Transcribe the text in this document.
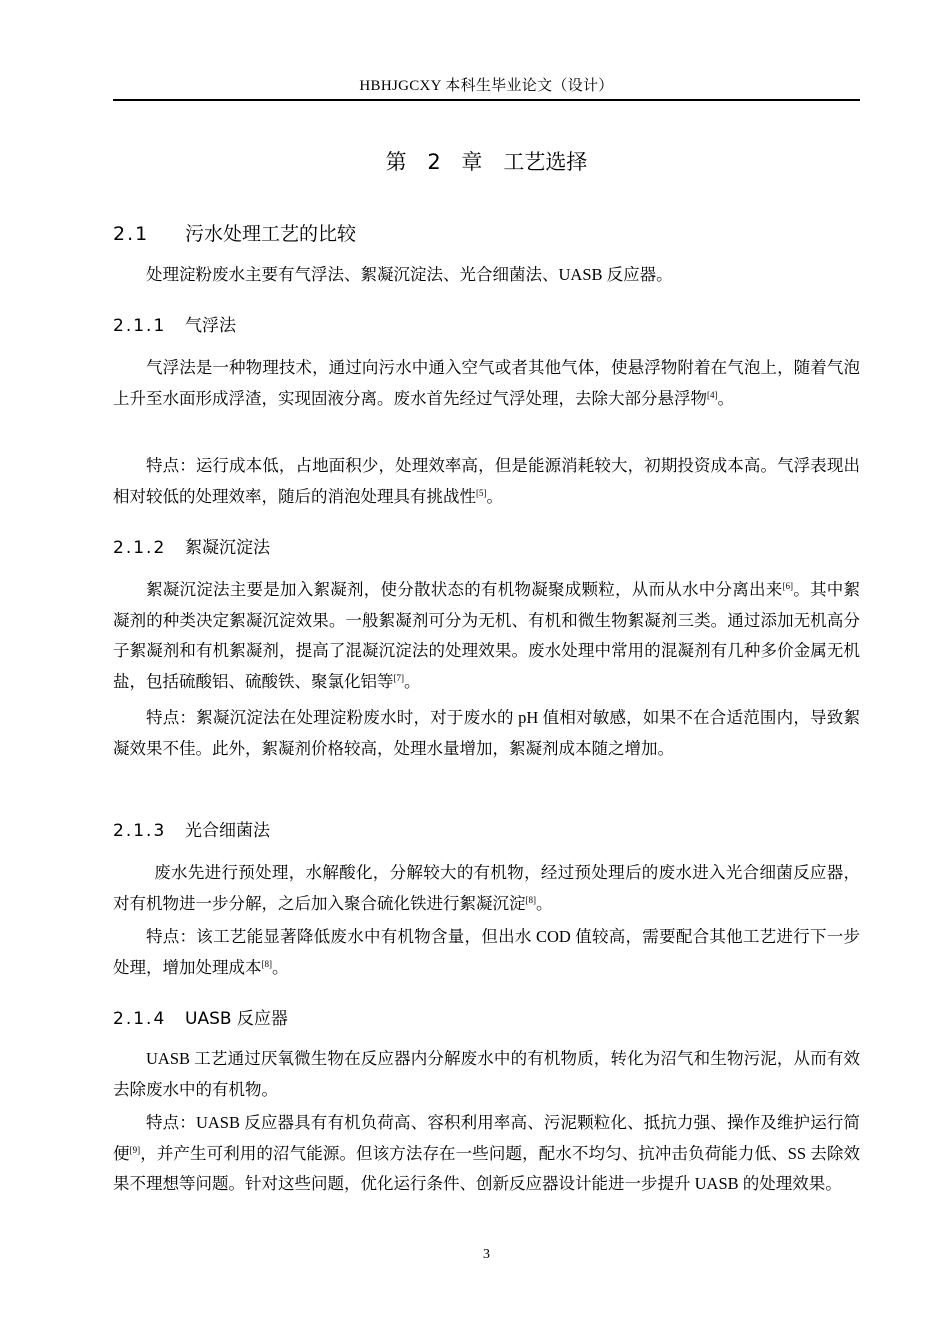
HBHJGCXY 本科生毕业论文（设计）
第 2 章　工艺选择
2.1 污水处理工艺的比较

处理淀粉废水主要有气浮法、絮凝沉淀法、光合细菌法、UASB 反应器。

2.1.1 气浮法

气浮法是一种物理技术，通过向污水中通入空气或者其他气体，使悬浮物附着在气泡上，随着气泡上升至水面形成浮渣，实现固液分离。废水首先经过气浮处理，去除大部分悬浮物[4]。

特点：运行成本低，占地面积少，处理效率高，但是能源消耗较大，初期投资成本高。气浮表现出相对较低的处理效率，随后的消泡处理具有挑战性[5]。

2.1.2 絮凝沉淀法

絮凝沉淀法主要是加入絮凝剂，使分散状态的有机物凝聚成颗粒，从而从水中分离出来[6]。其中絮凝剂的种类决定絮凝沉淀效果。一般絮凝剂可分为无机、有机和微生物絮凝剂三类。通过添加无机高分子絮凝剂和有机絮凝剂，提高了混凝沉淀法的处理效果。废水处理中常用的混凝剂有几种多价金属无机盐，包括硫酸铝、硫酸铁、聚氯化铝等[7]。

特点：絮凝沉淀法在处理淀粉废水时，对于废水的 pH 值相对敏感，如果不在合适范围内，导致絮凝效果不佳。此外，絮凝剂价格较高，处理水量增加，絮凝剂成本随之增加。

2.1.3 光合细菌法

废水先进行预处理，水解酸化，分解较大的有机物，经过预处理后的废水进入光合细菌反应器，对有机物进一步分解，之后加入聚合硫化铁进行絮凝沉淀[8]。

特点：该工艺能显著降低废水中有机物含量，但出水 COD 值较高，需要配合其他工艺进行下一步处理，增加处理成本[8]。

2.1.4 UASB 反应器

UASB 工艺通过厌氧微生物在反应器内分解废水中的有机物质，转化为沼气和生物污泥，从而有效去除废水中的有机物。

特点：UASB 反应器具有有机负荷高、容积利用率高、污泥颗粒化、抵抗力强、操作及维护运行简便[9]，并产生可利用的沼气能源。但该方法存在一些问题，配水不均匀、抗冲击负荷能力低、SS 去除效果不理想等问题。针对这些问题，优化运行条件、创新反应器设计能进一步提升 UASB 的处理效果。

3
